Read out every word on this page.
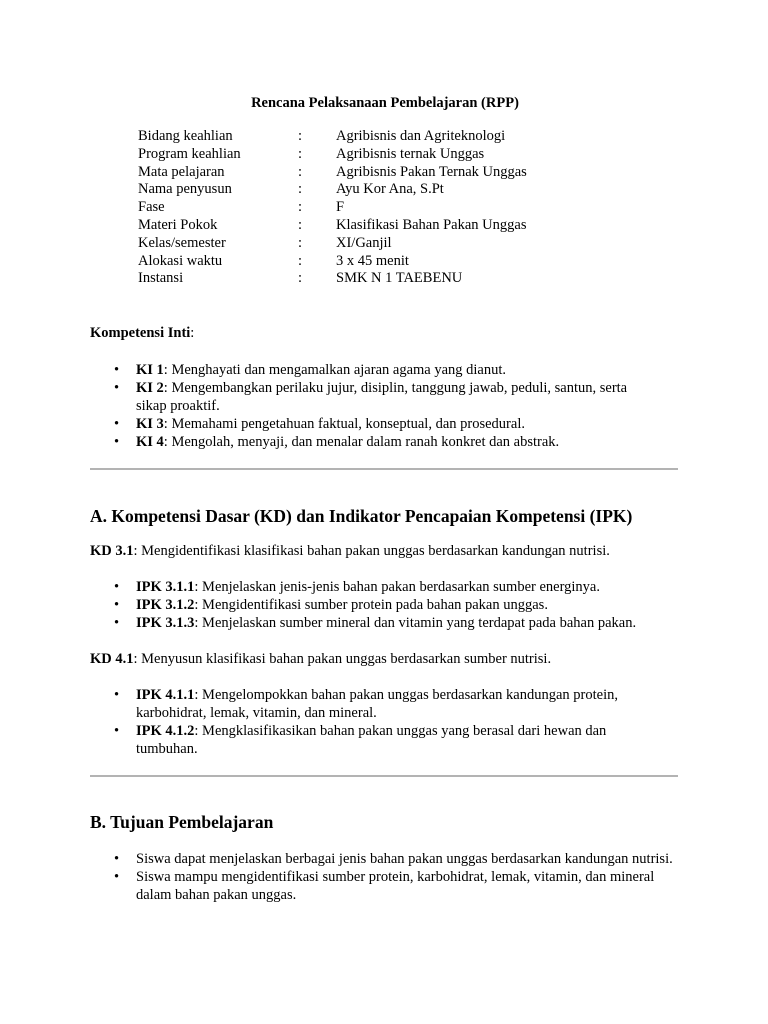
Rencana Pelaksanaan Pembelajaran (RPP)
Bidang keahlian	:	Agribisnis dan Agriteknologi
Program keahlian	:	Agribisnis ternak Unggas
Mata pelajaran	:	Agribisnis Pakan Ternak Unggas
Nama penyusun	:	Ayu Kor Ana, S.Pt
Fase	:	F
Materi Pokok	:	Klasifikasi Bahan Pakan Unggas
Kelas/semester	:	XI/Ganjil
Alokasi waktu	:	3 x 45 menit
Instansi	:	SMK N 1 TAEBENU
Kompetensi Inti:
• KI 1: Menghayati dan mengamalkan ajaran agama yang dianut.
• KI 2: Mengembangkan perilaku jujur, disiplin, tanggung jawab, peduli, santun, serta sikap proaktif.
• KI 3: Memahami pengetahuan faktual, konseptual, dan prosedural.
• KI 4: Mengolah, menyaji, dan menalar dalam ranah konkret dan abstrak.
A. Kompetensi Dasar (KD) dan Indikator Pencapaian Kompetensi (IPK)
KD 3.1: Mengidentifikasi klasifikasi bahan pakan unggas berdasarkan kandungan nutrisi.
• IPK 3.1.1: Menjelaskan jenis-jenis bahan pakan berdasarkan sumber energinya.
• IPK 3.1.2: Mengidentifikasi sumber protein pada bahan pakan unggas.
• IPK 3.1.3: Menjelaskan sumber mineral dan vitamin yang terdapat pada bahan pakan.
KD 4.1: Menyusun klasifikasi bahan pakan unggas berdasarkan sumber nutrisi.
• IPK 4.1.1: Mengelompokkan bahan pakan unggas berdasarkan kandungan protein, karbohidrat, lemak, vitamin, dan mineral.
• IPK 4.1.2: Mengklasifikasikan bahan pakan unggas yang berasal dari hewan dan tumbuhan.
B. Tujuan Pembelajaran
• Siswa dapat menjelaskan berbagai jenis bahan pakan unggas berdasarkan kandungan nutrisi.
• Siswa mampu mengidentifikasi sumber protein, karbohidrat, lemak, vitamin, dan mineral dalam bahan pakan unggas.
